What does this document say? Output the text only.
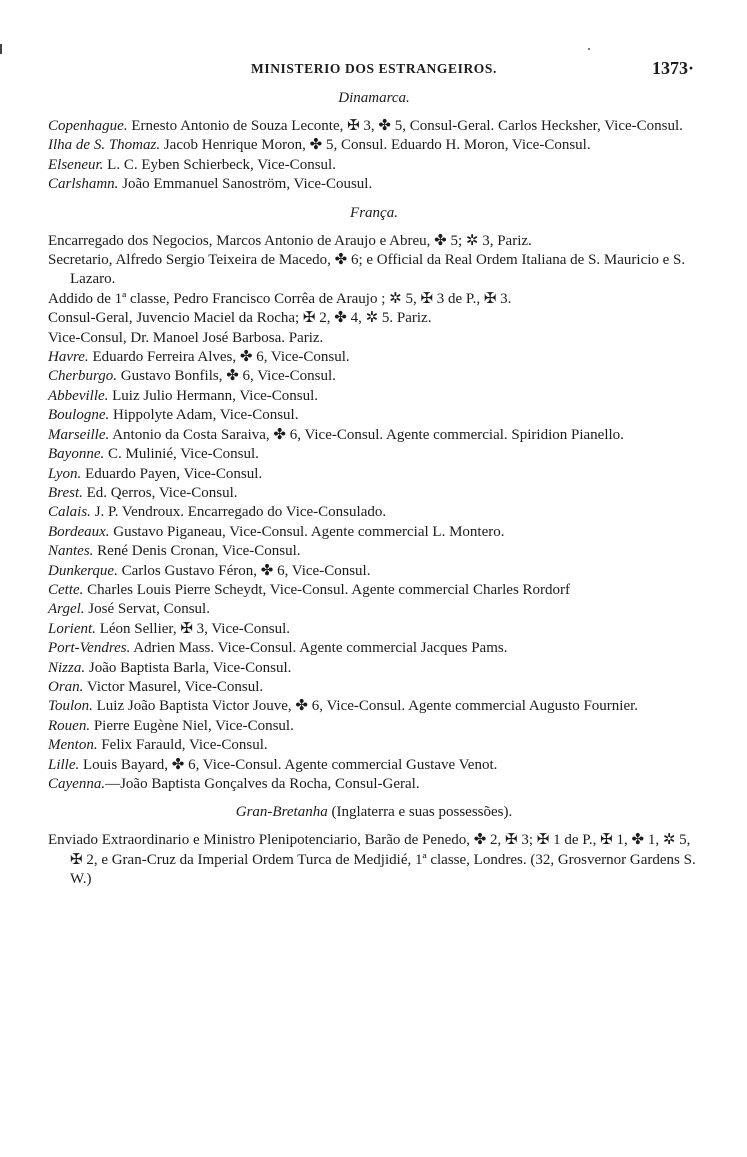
MINISTERIO DOS ESTRANGEIROS.	1373·
Dinamarca.

Copenhague. Ernesto Antonio de Souza Leconte, ✠ 3, ✤ 5, Consul-Geral. Carlos Hecksher, Vice-Consul.

Ilha de S. Thomaz. Jacob Henrique Moron, ✤ 5, Consul. Eduardo H. Moron, Vice-Consul.

Elseneur. L. C. Eyben Schierbeck, Vice-Consul.

Carlshamn. João Emmanuel Sanoström, Vice-Cousul.

França.

Encarregado dos Negocios, Marcos Antonio de Araujo e Abreu, ✤ 5; ✲ 3, Pariz.

Secretario, Alfredo Sergio Teixeira de Macedo, ✤ 6; e Official da Real Ordem Italiana de S. Mauricio e S. Lazaro.

Addido de 1ª classe, Pedro Francisco Corrêa de Araujo ; ✲ 5, ✠ 3 de P., ✠ 3.

Consul-Geral, Juvencio Maciel da Rocha; ✠ 2, ✤ 4, ✲ 5. Pariz.

Vice-Consul, Dr. Manoel José Barbosa. Pariz.

Havre. Eduardo Ferreira Alves, ✤ 6, Vice-Consul.

Cherburgo. Gustavo Bonfils, ✤ 6, Vice-Consul.

Abbeville. Luiz Julio Hermann, Vice-Consul.

Boulogne. Hippolyte Adam, Vice-Consul.

Marseille. Antonio da Costa Saraiva, ✤ 6, Vice-Consul. Agente commercial. Spiridion Pianello.

Bayonne. C. Mulinié, Vice-Consul.

Lyon. Eduardo Payen, Vice-Consul.

Brest. Ed. Qerros, Vice-Consul.

Calais. J. P. Vendroux. Encarregado do Vice-Consulado.

Bordeaux. Gustavo Piganeau, Vice-Consul. Agente commercial L. Montero.

Nantes. René Denis Cronan, Vice-Consul.

Dunkerque. Carlos Gustavo Féron, ✤ 6, Vice-Consul.

Cette. Charles Louis Pierre Scheydt, Vice-Consul. Agente commercial Charles Rordorf

Argel. José Servat, Consul.

Lorient. Léon Sellier, ✠ 3, Vice-Consul.

Port-Vendres. Adrien Mass. Vice-Consul. Agente commercial Jacques Pams.

Nizza. João Baptista Barla, Vice-Consul.

Oran. Victor Masurel, Vice-Consul.

Toulon. Luiz João Baptista Victor Jouve, ✤ 6, Vice-Consul. Agente commercial Augusto Fournier.

Rouen. Pierre Eugène Niel, Vice-Consul.

Menton. Felix Farauld, Vice-Consul.

Lille. Louis Bayard, ✤ 6, Vice-Consul. Agente commercial Gustave Venot.

Cayenna.—João Baptista Gonçalves da Rocha, Consul-Geral.

Gran-Bretanha (Inglaterra e suas possessões).

Enviado Extraordinario e Ministro Plenipotenciario, Barão de Penedo, ✤ 2, ✠ 3; ✠ 1 de P., ✠ 1, ✤ 1, ✲ 5, ✠ 2, e Gran-Cruz da Imperial Ordem Turca de Medjidié, 1ª classe, Londres. (32, Grosvernor Gardens S. W.)
